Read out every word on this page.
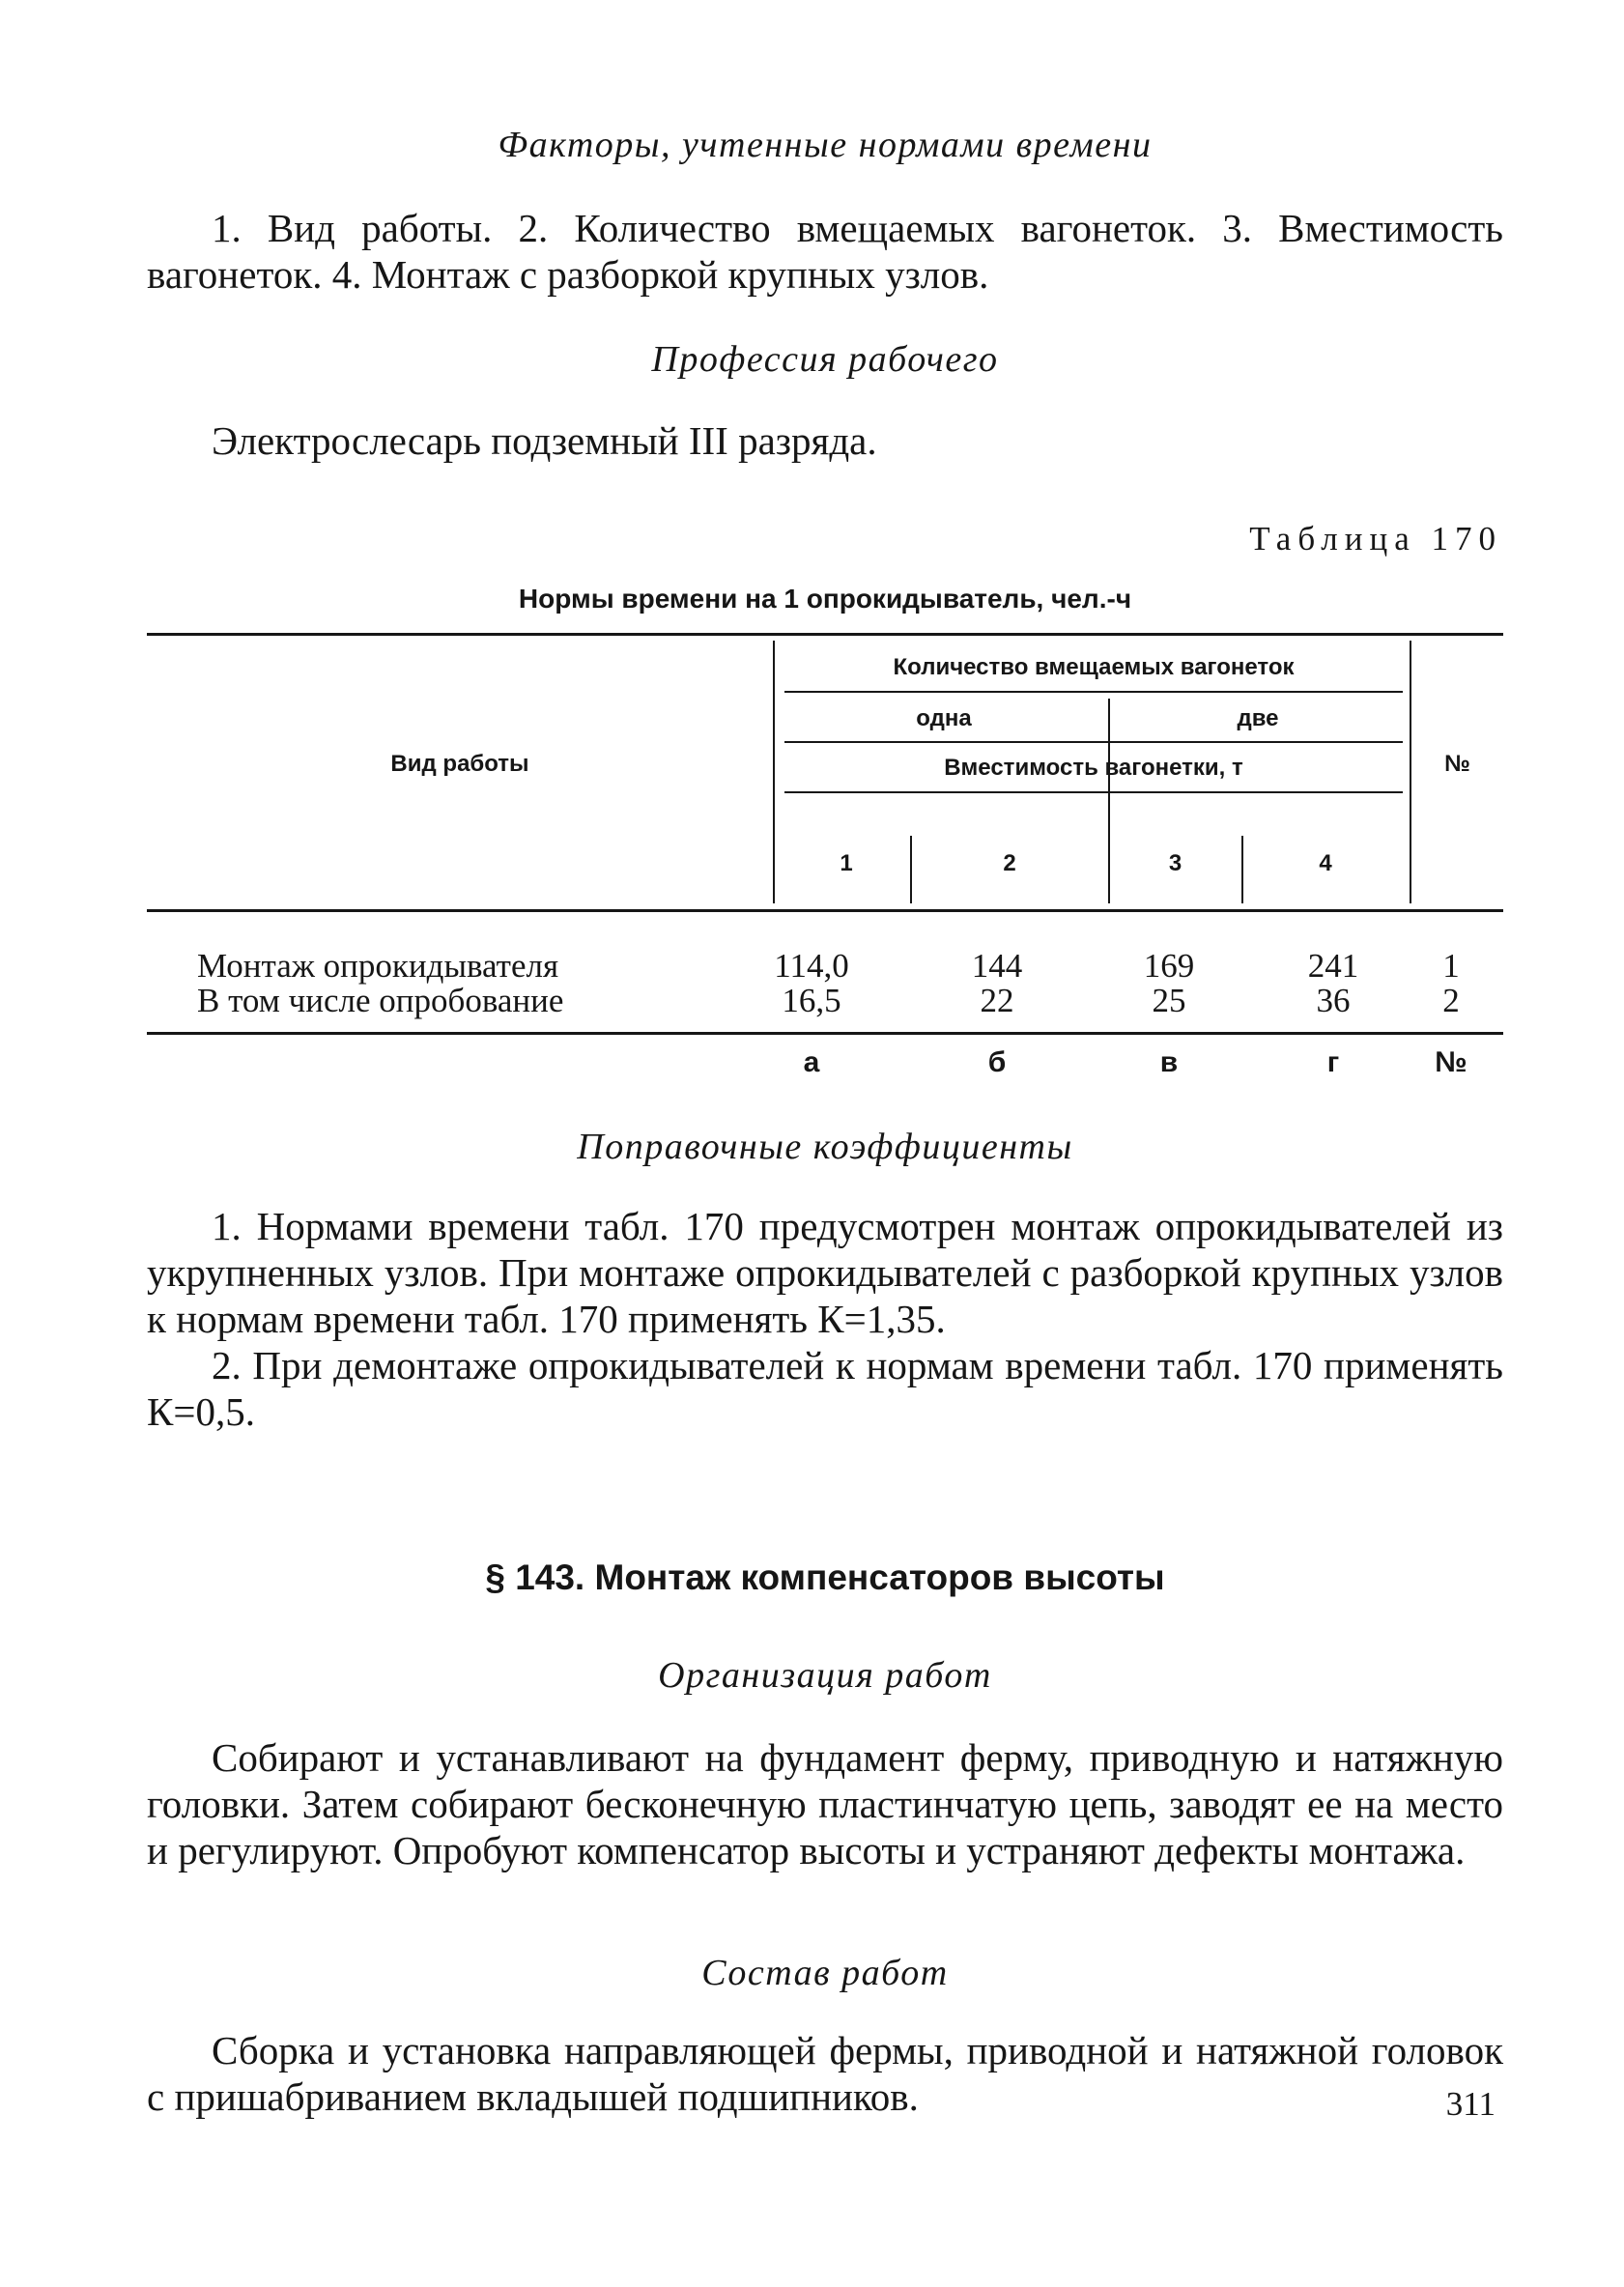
Факторы, учтенные нормами времени

1. Вид работы. 2. Количество вмещаемых вагонеток. 3. Вместимость вагонеток. 4. Монтаж с разборкой крупных узлов.

Профессия рабочего

Электрослесарь подземный III разряда.

Таблица 170
Нормы времени на 1 опрокидыватель, чел.-ч
Вид работы
Количество вмещаемых вагонеток
одна	две
Вместимость вагонетки, т
1	2	3	4
№
Монтаж опрокидывателя	114,0	144	169	241	1
В том числе опробование	16,5	22	25	36	2
а	б	в	г	№
Поправочные коэффициенты

1. Нормами времени табл. 170 предусмотрен монтаж опрокидывателей из укрупненных узлов. При монтаже опрокидывателей с разборкой крупных узлов к нормам времени табл. 170 применять К=1,35.

2. При демонтаже опрокидывателей к нормам времени табл. 170 применять К=0,5.

§ 143. Монтаж компенсаторов высоты
Организация работ

Собирают и устанавливают на фундамент ферму, приводную и натяжную головки. Затем собирают бесконечную пластинчатую цепь, заводят ее на место и регулируют. Опробуют компенсатор высоты и устраняют дефекты монтажа.

Состав работ

Сборка и установка направляющей фермы, приводной и натяжной головок с пришабриванием вкладышей подшипников.	311
